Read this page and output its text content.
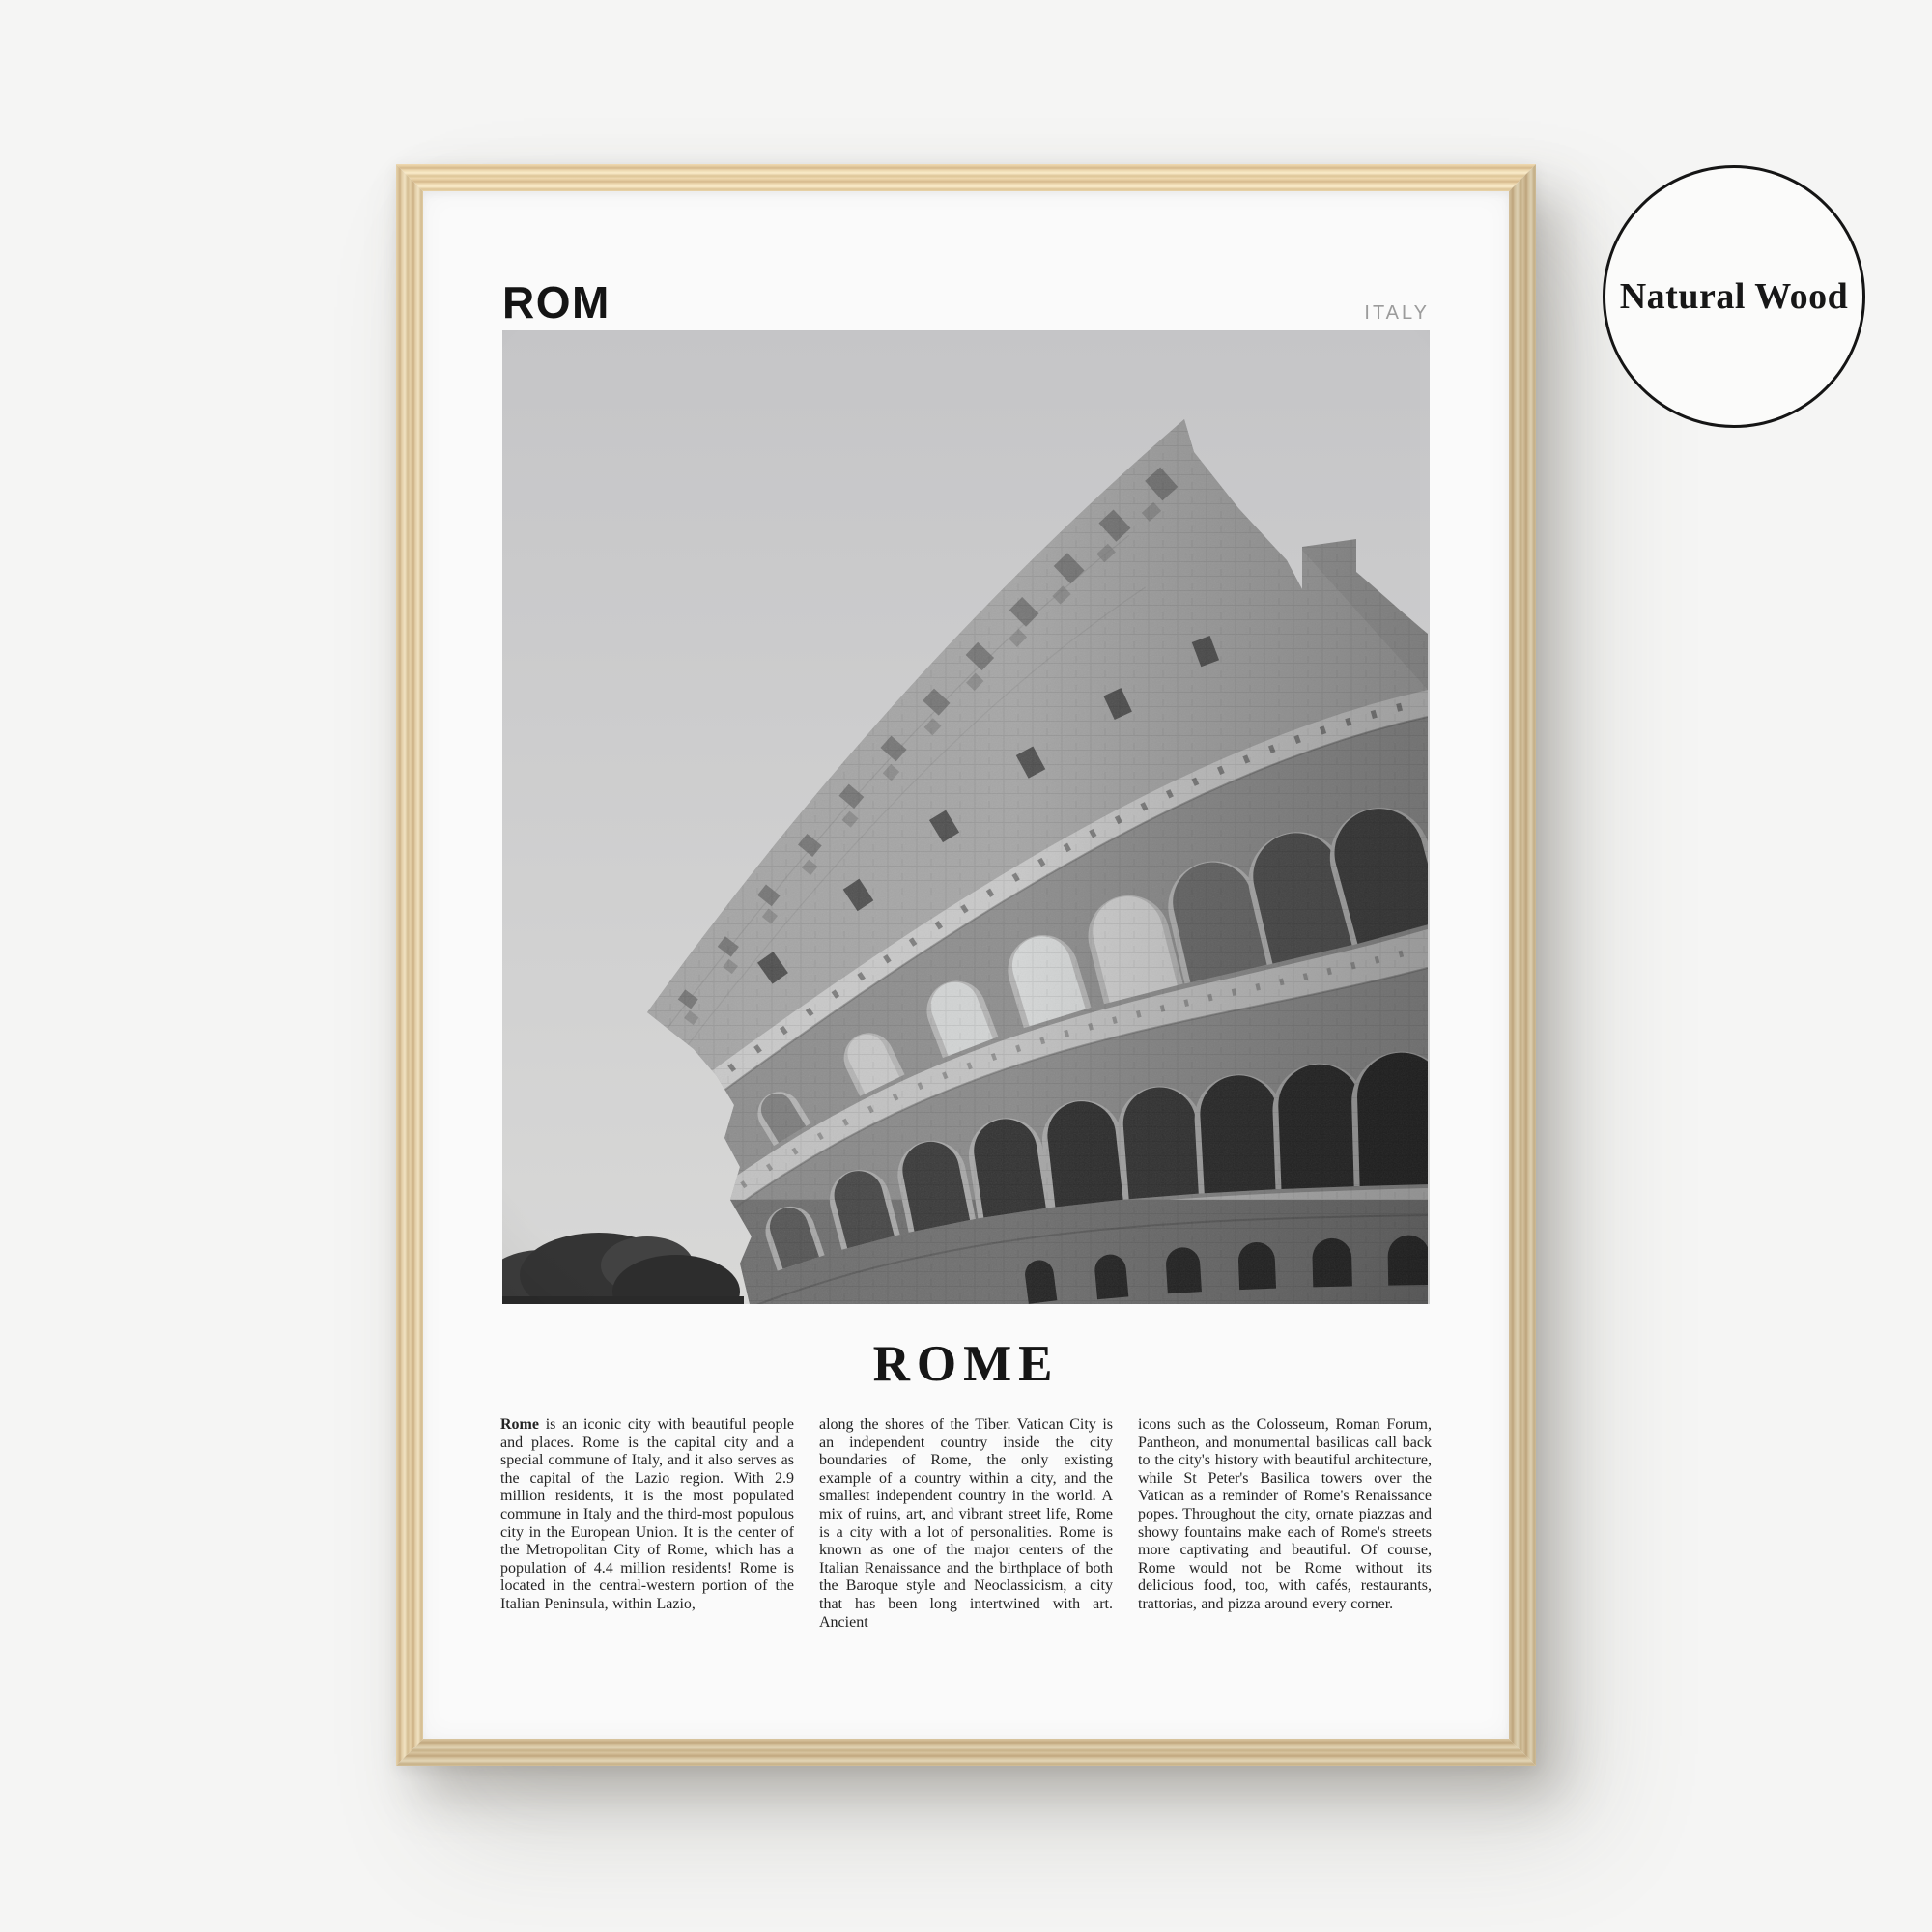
ROM	ITALY
ROME
Rome is an iconic city with beautiful people and places. Rome is the capital city and a special commune of Italy, and it also serves as the capital of the Lazio region. With 2.9 million residents, it is the most populated commune in Italy and the third-most populous city in the European Union. It is the center of the Metropolitan City of Rome, which has a population of 4.4 million residents! Rome is located in the central-western portion of the Italian Peninsula, within Lazio,
along the shores of the Tiber. Vatican City is an independent country inside the city boundaries of Rome, the only existing example of a country within a city, and the smallest independent country in the world. A mix of ruins, art, and vibrant street life, Rome is a city with a lot of personalities. Rome is known as one of the major centers of the Italian Renaissance and the birthplace of both the Baroque style and Neoclassicism, a city that has been long intertwined with art. Ancient
icons such as the Colosseum, Roman Forum, Pantheon, and monumental basilicas call back to the city's history with beautiful architecture, while St Peter's Basilica towers over the Vatican as a reminder of Rome's Renaissance popes. Throughout the city, ornate piazzas and showy fountains make each of Rome's streets more captivating and beautiful. Of course, Rome would not be Rome without its delicious food, too, with cafés, restaurants, trattorias, and pizza around every corner.
Natural Wood
